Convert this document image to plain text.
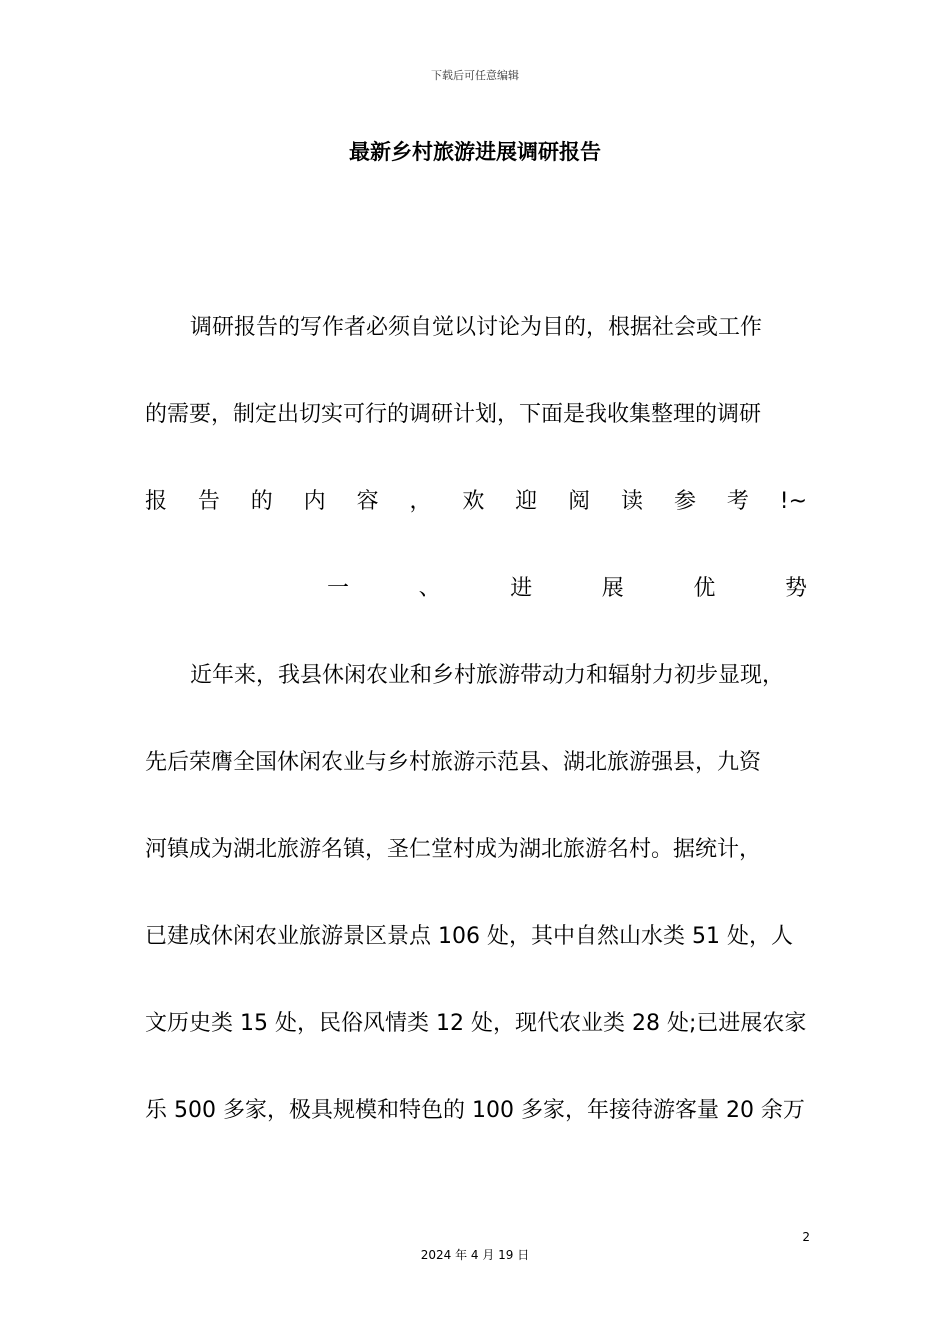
下载后可任意编辑
最新乡村旅游进展调研报告
调研报告的写作者必须自觉以讨论为目的，根据社会或工作
的需要，制定出切实可行的调研计划，下面是我收集整理的调研
报 告 的 内 容 ， 欢 迎 阅 读 参 考 !~
一 、 进 展 优 势
近年来，我县休闲农业和乡村旅游带动力和辐射力初步显现，
先后荣膺全国休闲农业与乡村旅游示范县、湖北旅游强县，九资
河镇成为湖北旅游名镇，圣仁堂村成为湖北旅游名村。据统计，
已建成休闲农业旅游景区景点 106 处，其中自然山水类 51 处，人
文历史类 15 处，民俗风情类 12 处，现代农业类 28 处;已进展农家
乐 500 多家，极具规模和特色的 100 多家，年接待游客量 20 余万
2
2024 年 4 月 19 日
